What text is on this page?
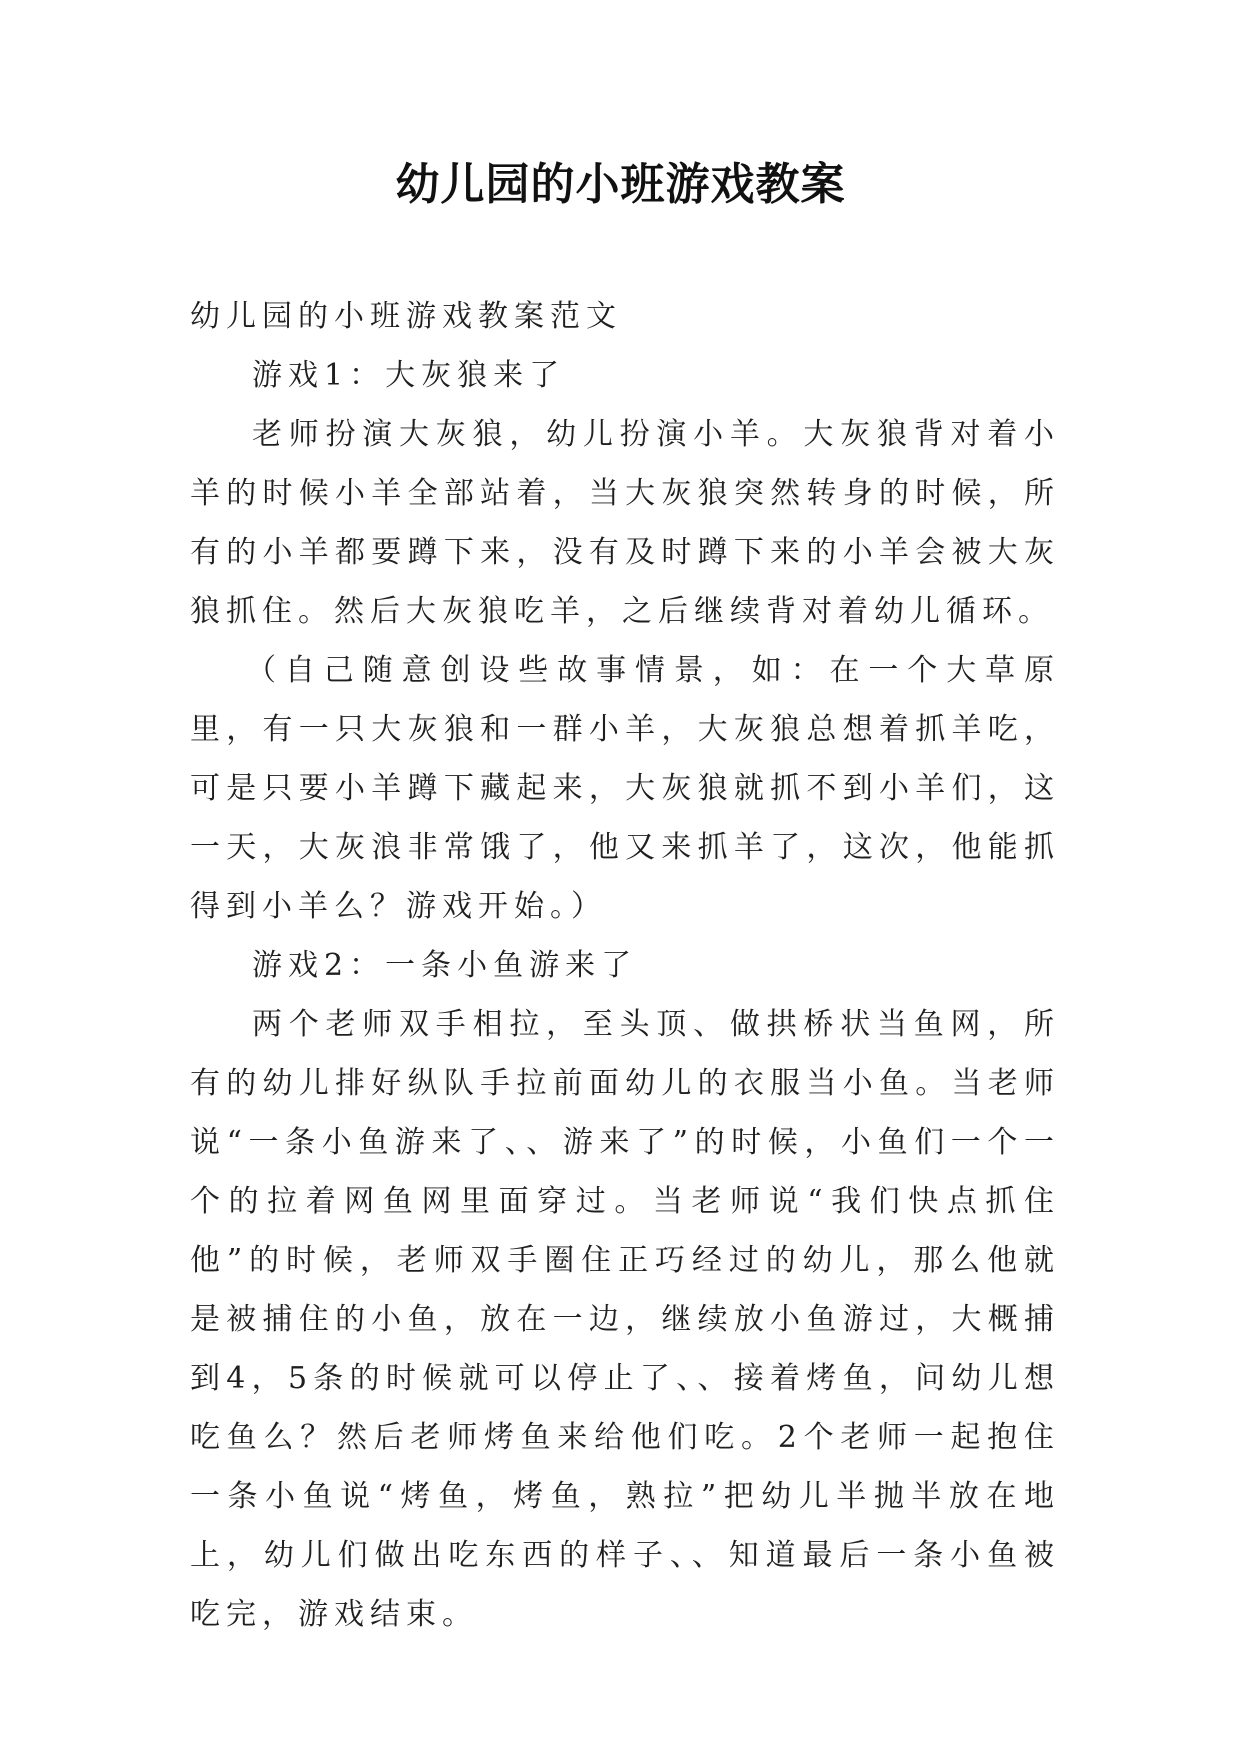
幼儿园的小班游戏教案

幼儿园的小班游戏教案范文

游戏1：大灰狼来了

老师扮演大灰狼，幼儿扮演小羊。大灰狼背对着小羊的时候小羊全部站着，当大灰狼突然转身的时候，所有的小羊都要蹲下来，没有及时蹲下来的小羊会被大灰狼抓住。然后大灰狼吃羊，之后继续背对着幼儿循环。

（自己随意创设些故事情景，如：在一个大草原里，有一只大灰狼和一群小羊，大灰狼总想着抓羊吃，可是只要小羊蹲下藏起来，大灰狼就抓不到小羊们，这一天，大灰浪非常饿了，他又来抓羊了，这次，他能抓得到小羊么？游戏开始。）

游戏2：一条小鱼游来了

两个老师双手相拉，至头顶、做拱桥状当鱼网，所有的幼儿排好纵队手拉前面幼儿的衣服当小鱼。当老师说“一条小鱼游来了、、游来了”的时候，小鱼们一个一个的拉着网鱼网里面穿过。当老师说“我们快点抓住他”的时候，老师双手圈住正巧经过的幼儿，那么他就是被捕住的小鱼，放在一边，继续放小鱼游过，大概捕到4，5条的时候就可以停止了、、接着烤鱼，问幼儿想吃鱼么？然后老师烤鱼来给他们吃。2个老师一起抱住一条小鱼说“烤鱼，烤鱼，熟拉”把幼儿半抛半放在地上，幼儿们做出吃东西的样子、、知道最后一条小鱼被吃完，游戏结束。
